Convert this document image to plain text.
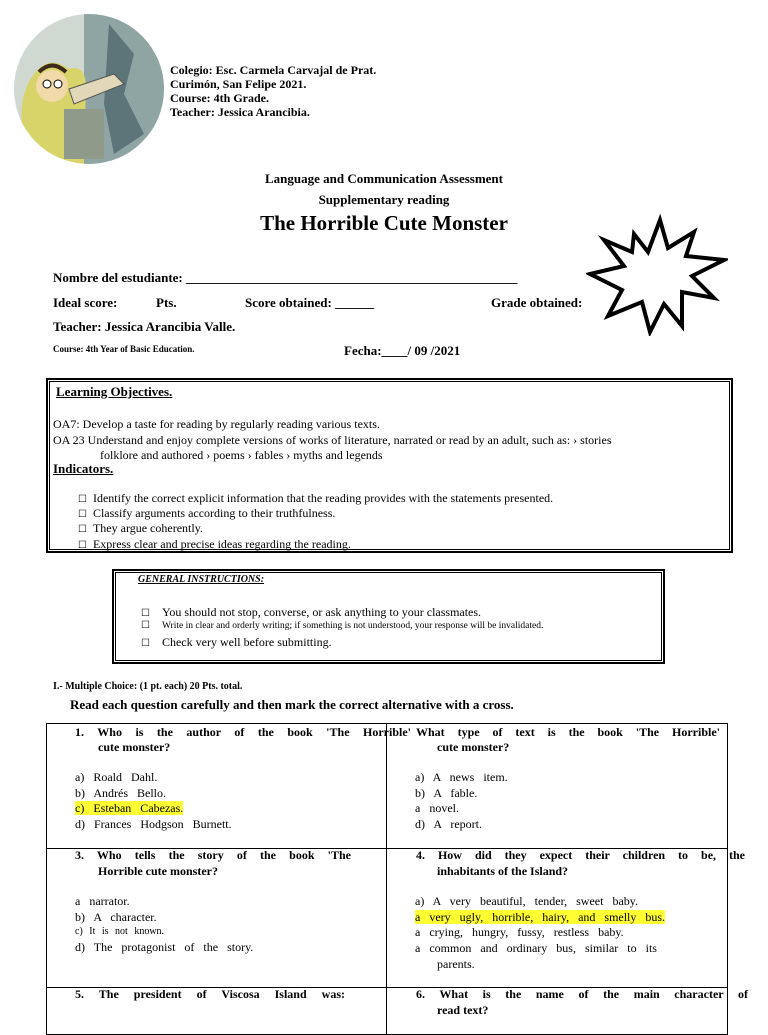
Colegio: Esc. Carmela Carvajal de Prat.
Curimón, San Felipe 2021.
Course: 4th Grade.
Teacher: Jessica Arancibia.
Language and Communication Assessment
Supplementary reading
The Horrible Cute Monster
Nombre del estudiante: ___________________________________________________
Ideal score:	Pts.	Score obtained: ______	Grade obtained:
Teacher: Jessica Arancibia Valle.
Course: 4th Year of Basic Education.	Fecha:____/ 09 /2021
Learning Objectives.
OA7: Develop a taste for reading by regularly reading various texts.
OA 23 Understand and enjoy complete versions of works of literature, narrated or read by an adult, such as: › stories
folklore and authored › poems › fables › myths and legends
Indicators.
☐ Identify the correct explicit information that the reading provides with the statements presented.
☐ Classify arguments according to their truthfulness.
☐ They argue coherently.
☐ Express clear and precise ideas regarding the reading.
GENERAL INSTRUCTIONS:
☐ You should not stop, converse, or ask anything to your classmates.
☐ Write in clear and orderly writing; if something is not understood, your response will be invalidated.
☐ Check very well before submitting.
I.- Multiple Choice: (1 pt. each) 20 Pts. total.
Read each question carefully and then mark the correct alternative with a cross.
1. Who is the author of the book 'The Horrible'
cute monster?
a) Roald Dahl.
b) Andrés Bello.
c) Esteban Cabezas.
d) Frances Hodgson Burnett.
What type of text is the book 'The Horrible'
cute monster?
a) A news item.
b) A fable.
a novel.
d) A report.
3. Who tells the story of the book 'The
Horrible cute monster?
a narrator.
b) A character.
c) It is not known.
d) The protagonist of the story.
4. How did they expect their children to be, the
inhabitants of the Island?
a) A very beautiful, tender, sweet baby.
a very ugly, horrible, hairy, and smelly bus.
a crying, hungry, fussy, restless baby.
a common and ordinary bus, similar to its
parents.
5. The president of Viscosa Island was:	6. What is the name of the main character of
read text?
